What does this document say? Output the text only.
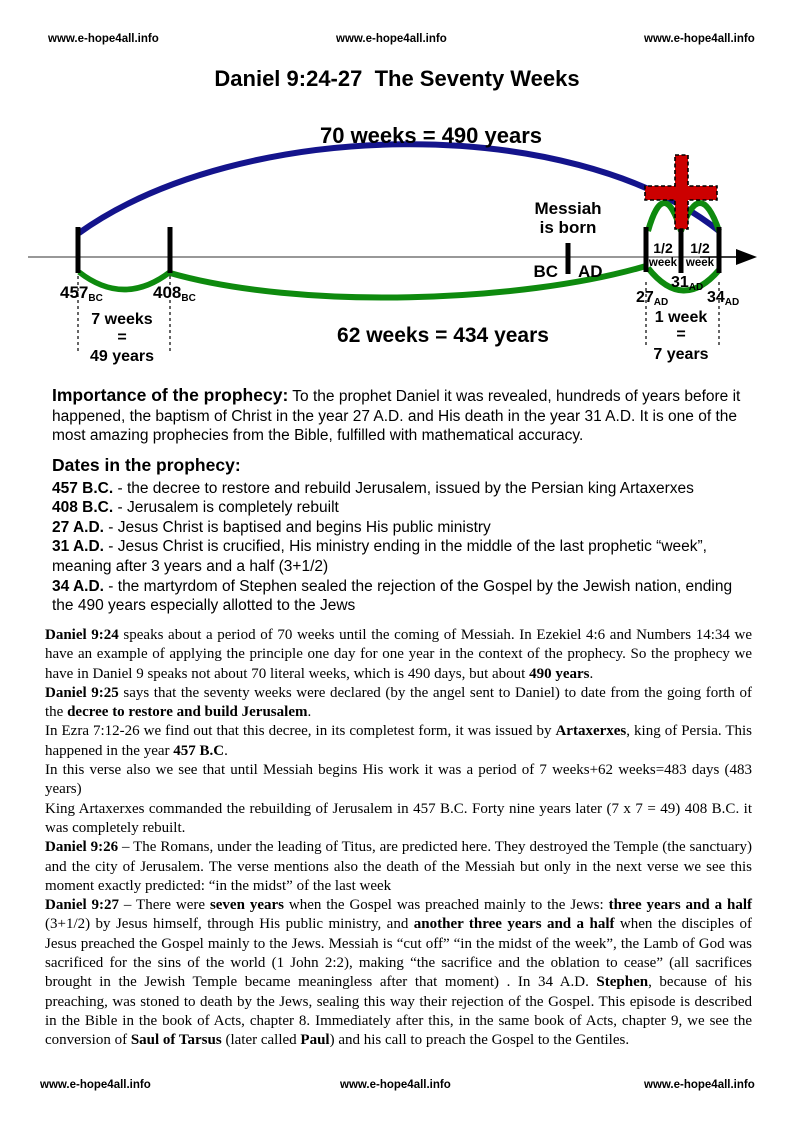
www.e-hope4all.info	www.e-hope4all.info	www.e-hope4all.info
Daniel 9:24-27  The Seventy Weeks
70 weeks = 490 years
62 weeks = 434 years
Messiah
is born
BC AD
1/2
week
1/2
week
457BC	408BC
31AD
27AD 34AD
7 weeks
=
49 years
1 week
=
7 years
Importance of the prophecy: To the prophet Daniel it was revealed, hundreds of years before it happened, the baptism of Christ in the year 27 A.D. and His death in the year 31 A.D. It is one of the most amazing prophecies from the Bible, fulfilled with mathematical accuracy.
Dates in the prophecy:
457 B.C. - the decree to restore and rebuild Jerusalem, issued by the Persian king Artaxerxes
408 B.C. - Jerusalem is completely rebuilt
27 A.D. - Jesus Christ is baptised and begins His public ministry
31 A.D. - Jesus Christ is crucified, His ministry ending in the middle of the last prophetic “week”, meaning after 3 years and a half (3+1/2)
34 A.D. - the martyrdom of Stephen sealed the rejection of the Gospel by the Jewish nation, ending the 490 years especially allotted to the Jews

Daniel 9:24 speaks about a period of 70 weeks until the coming of Messiah. In Ezekiel 4:6 and Numbers 14:34 we have an example of applying the principle one day for one year in the context of the prophecy. So the prophecy we have in Daniel 9 speaks not about 70 literal weeks, which is 490 days, but about 490 years.

Daniel 9:25 says that the seventy weeks were declared (by the angel sent to Daniel) to date from the going forth of the decree to restore and build Jerusalem.

In Ezra 7:12-26 we find out that this decree, in its completest form, it was issued by Artaxerxes, king of Persia. This happened in the year 457 B.C.

In this verse also we see that until Messiah begins His work it was a period of 7 weeks+62 weeks=483 days (483 years)

King Artaxerxes commanded the rebuilding of Jerusalem in 457 B.C. Forty nine years later (7 x 7 = 49) 408 B.C. it was completely rebuilt.

Daniel 9:26 – The Romans, under the leading of Titus, are predicted here. They destroyed the Temple (the sanctuary) and the city of Jerusalem. The verse mentions also the death of the Messiah but only in the next verse we see this moment exactly predicted: “in the midst” of the last week

Daniel 9:27 – There were seven years when the Gospel was preached mainly to the Jews: three years and a half (3+1/2) by Jesus himself, through His public ministry, and another three years and a half when the disciples of Jesus preached the Gospel mainly to the Jews. Messiah is “cut off” “in the midst of the week”, the Lamb of God was sacrificed for the sins of the world (1 John 2:2), making “the sacrifice and the oblation to cease” (all sacrifices brought in the Jewish Temple became meaningless after that moment) . In 34 A.D. Stephen, because of his preaching, was stoned to death by the Jews, sealing this way their rejection of the Gospel. This episode is described in the Bible in the book of Acts, chapter 8. Immediately after this, in the same book of Acts, chapter 9, we see the conversion of Saul of Tarsus (later called Paul) and his call to preach the Gospel to the Gentiles.

www.e-hope4all.info	www.e-hope4all.info	www.e-hope4all.info
